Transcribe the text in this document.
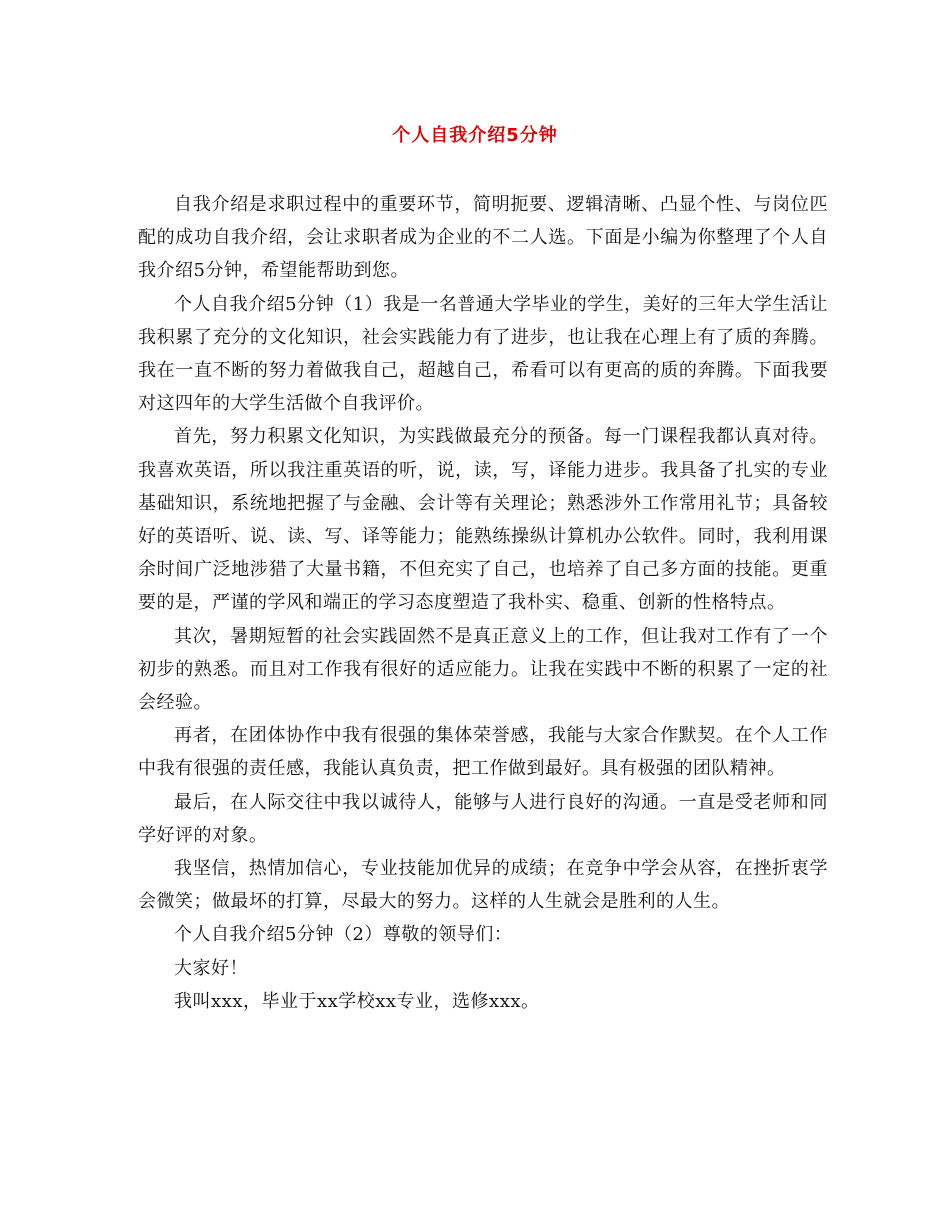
个人自我介绍5分钟

自我介绍是求职过程中的重要环节，简明扼要、逻辑清晰、凸显个性、与岗位匹配的成功自我介绍，会让求职者成为企业的不二人选。下面是小编为你整理了个人自我介绍5分钟，希望能帮助到您。

个人自我介绍5分钟（1）我是一名普通大学毕业的学生，美好的三年大学生活让我积累了充分的文化知识，社会实践能力有了进步，也让我在心理上有了质的奔腾。我在一直不断的努力着做我自己，超越自己，希看可以有更高的质的奔腾。下面我要对这四年的大学生活做个自我评价。

首先，努力积累文化知识，为实践做最充分的预备。每一门课程我都认真对待。我喜欢英语，所以我注重英语的听，说，读，写，译能力进步。我具备了扎实的专业基础知识，系统地把握了与金融、会计等有关理论；熟悉涉外工作常用礼节；具备较好的英语听、说、读、写、译等能力；能熟练操纵计算机办公软件。同时，我利用课余时间广泛地涉猎了大量书籍，不但充实了自己，也培养了自己多方面的技能。更重要的是，严谨的学风和端正的学习态度塑造了我朴实、稳重、创新的性格特点。

其次，暑期短暂的社会实践固然不是真正意义上的工作，但让我对工作有了一个初步的熟悉。而且对工作我有很好的适应能力。让我在实践中不断的积累了一定的社会经验。

再者，在团体协作中我有很强的集体荣誉感，我能与大家合作默契。在个人工作中我有很强的责任感，我能认真负责，把工作做到最好。具有极强的团队精神。

最后，在人际交往中我以诚待人，能够与人进行良好的沟通。一直是受老师和同学好评的对象。

我坚信，热情加信心，专业技能加优异的成绩；在竞争中学会从容，在挫折衷学会微笑；做最坏的打算，尽最大的努力。这样的人生就会是胜利的人生。

个人自我介绍5分钟（2）尊敬的领导们：

大家好！

我叫xxx，毕业于xx学校xx专业，选修xxx。
